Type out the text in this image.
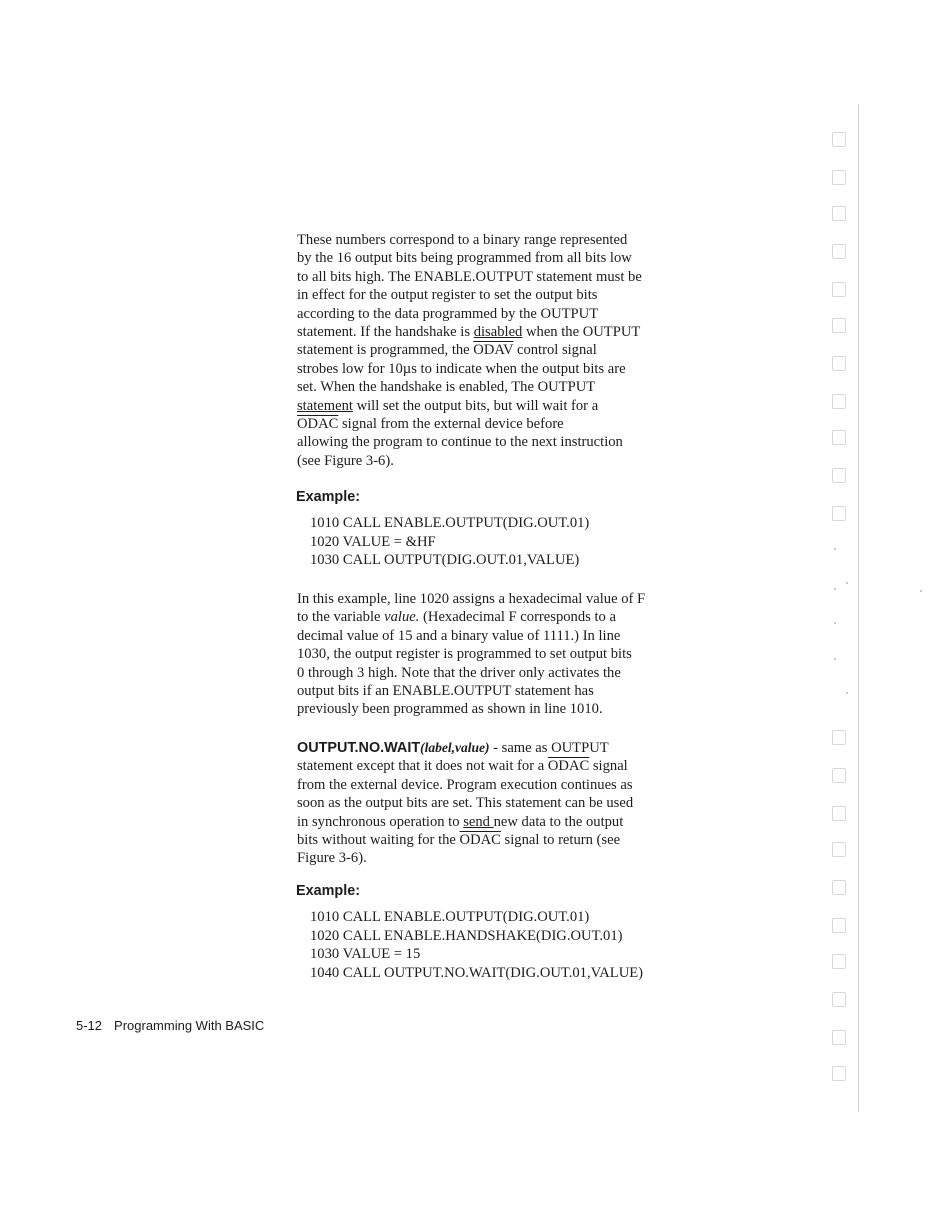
These numbers correspond to a binary range represented
by the 16 output bits being programmed from all bits low
to all bits high. The ENABLE.OUTPUT statement must be
in effect for the output register to set the output bits
according to the data programmed by the OUTPUT
statement. If the handshake is disabled when the OUTPUT
statement is programmed, the ODAV control signal
strobes low for 10µs to indicate when the output bits are
set. When the handshake is enabled, The OUTPUT
statement will set the output bits, but will wait for a
ODAC signal from the external device before
allowing the program to continue to the next instruction
(see Figure 3-6).

Example:

1010 CALL ENABLE.OUTPUT(DIG.OUT.01)
1020 VALUE = &HF
1030 CALL OUTPUT(DIG.OUT.01,VALUE)

In this example, line 1020 assigns a hexadecimal value of F
to the variable value. (Hexadecimal F corresponds to a
decimal value of 15 and a binary value of 1111.) In line
1030, the output register is programmed to set output bits
0 through 3 high. Note that the driver only activates the
output bits if an ENABLE.OUTPUT statement has
previously been programmed as shown in line 1010.

OUTPUT.NO.WAIT(label,value) - same as OUTPUT
statement except that it does not wait for a ODAC signal
from the external device. Program execution continues as
soon as the output bits are set. This statement can be used
in synchronous operation to send new data to the output
bits without waiting for the ODAC signal to return (see
Figure 3-6).

Example:

1010 CALL ENABLE.OUTPUT(DIG.OUT.01)
1020 CALL ENABLE.HANDSHAKE(DIG.OUT.01)
1030 VALUE = 15
1040 CALL OUTPUT.NO.WAIT(DIG.OUT.01,VALUE)

5-12 Programming With BASIC
